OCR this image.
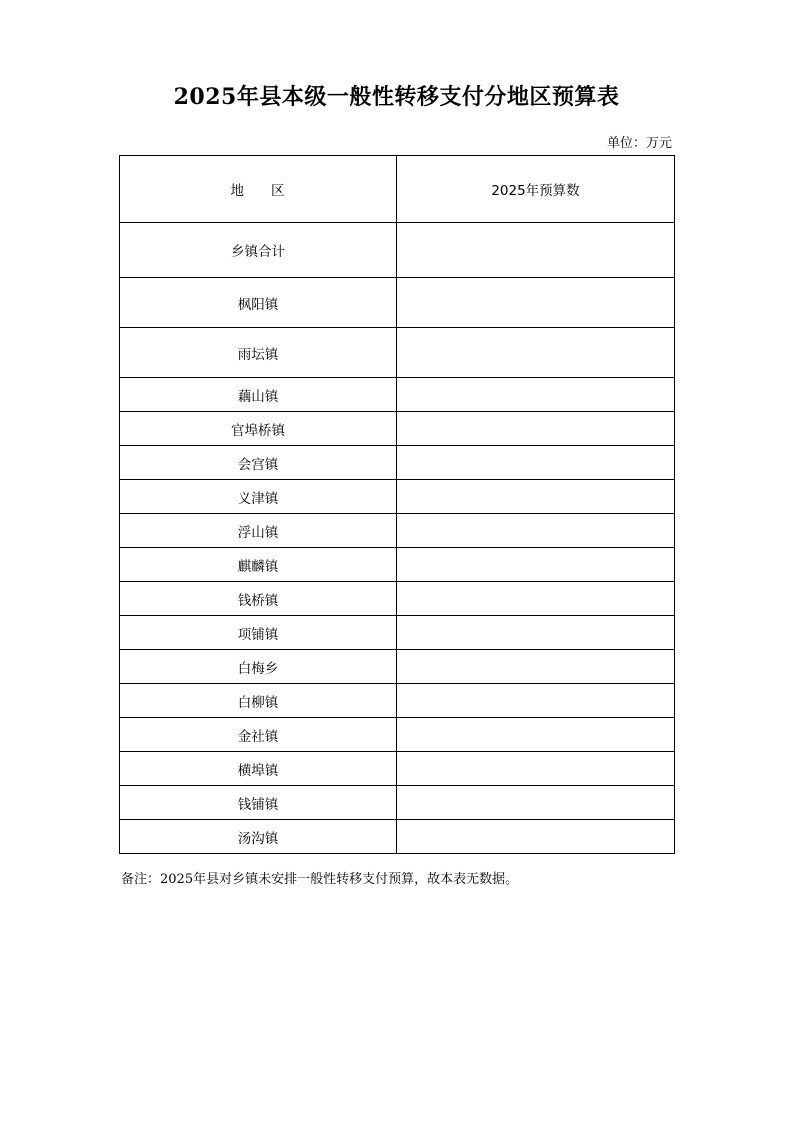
2025年县本级一般性转移支付分地区预算表
单位：万元
地 区	2025年预算数
乡镇合计	
枫阳镇	
雨坛镇	
藕山镇	
官埠桥镇	
会宫镇	
义津镇	
浮山镇	
麒麟镇	
钱桥镇	
项铺镇	
白梅乡	
白柳镇	
金社镇	
横埠镇	
钱铺镇	
汤沟镇	
备注：2025年县对乡镇未安排一般性转移支付预算，故本表无数据。
